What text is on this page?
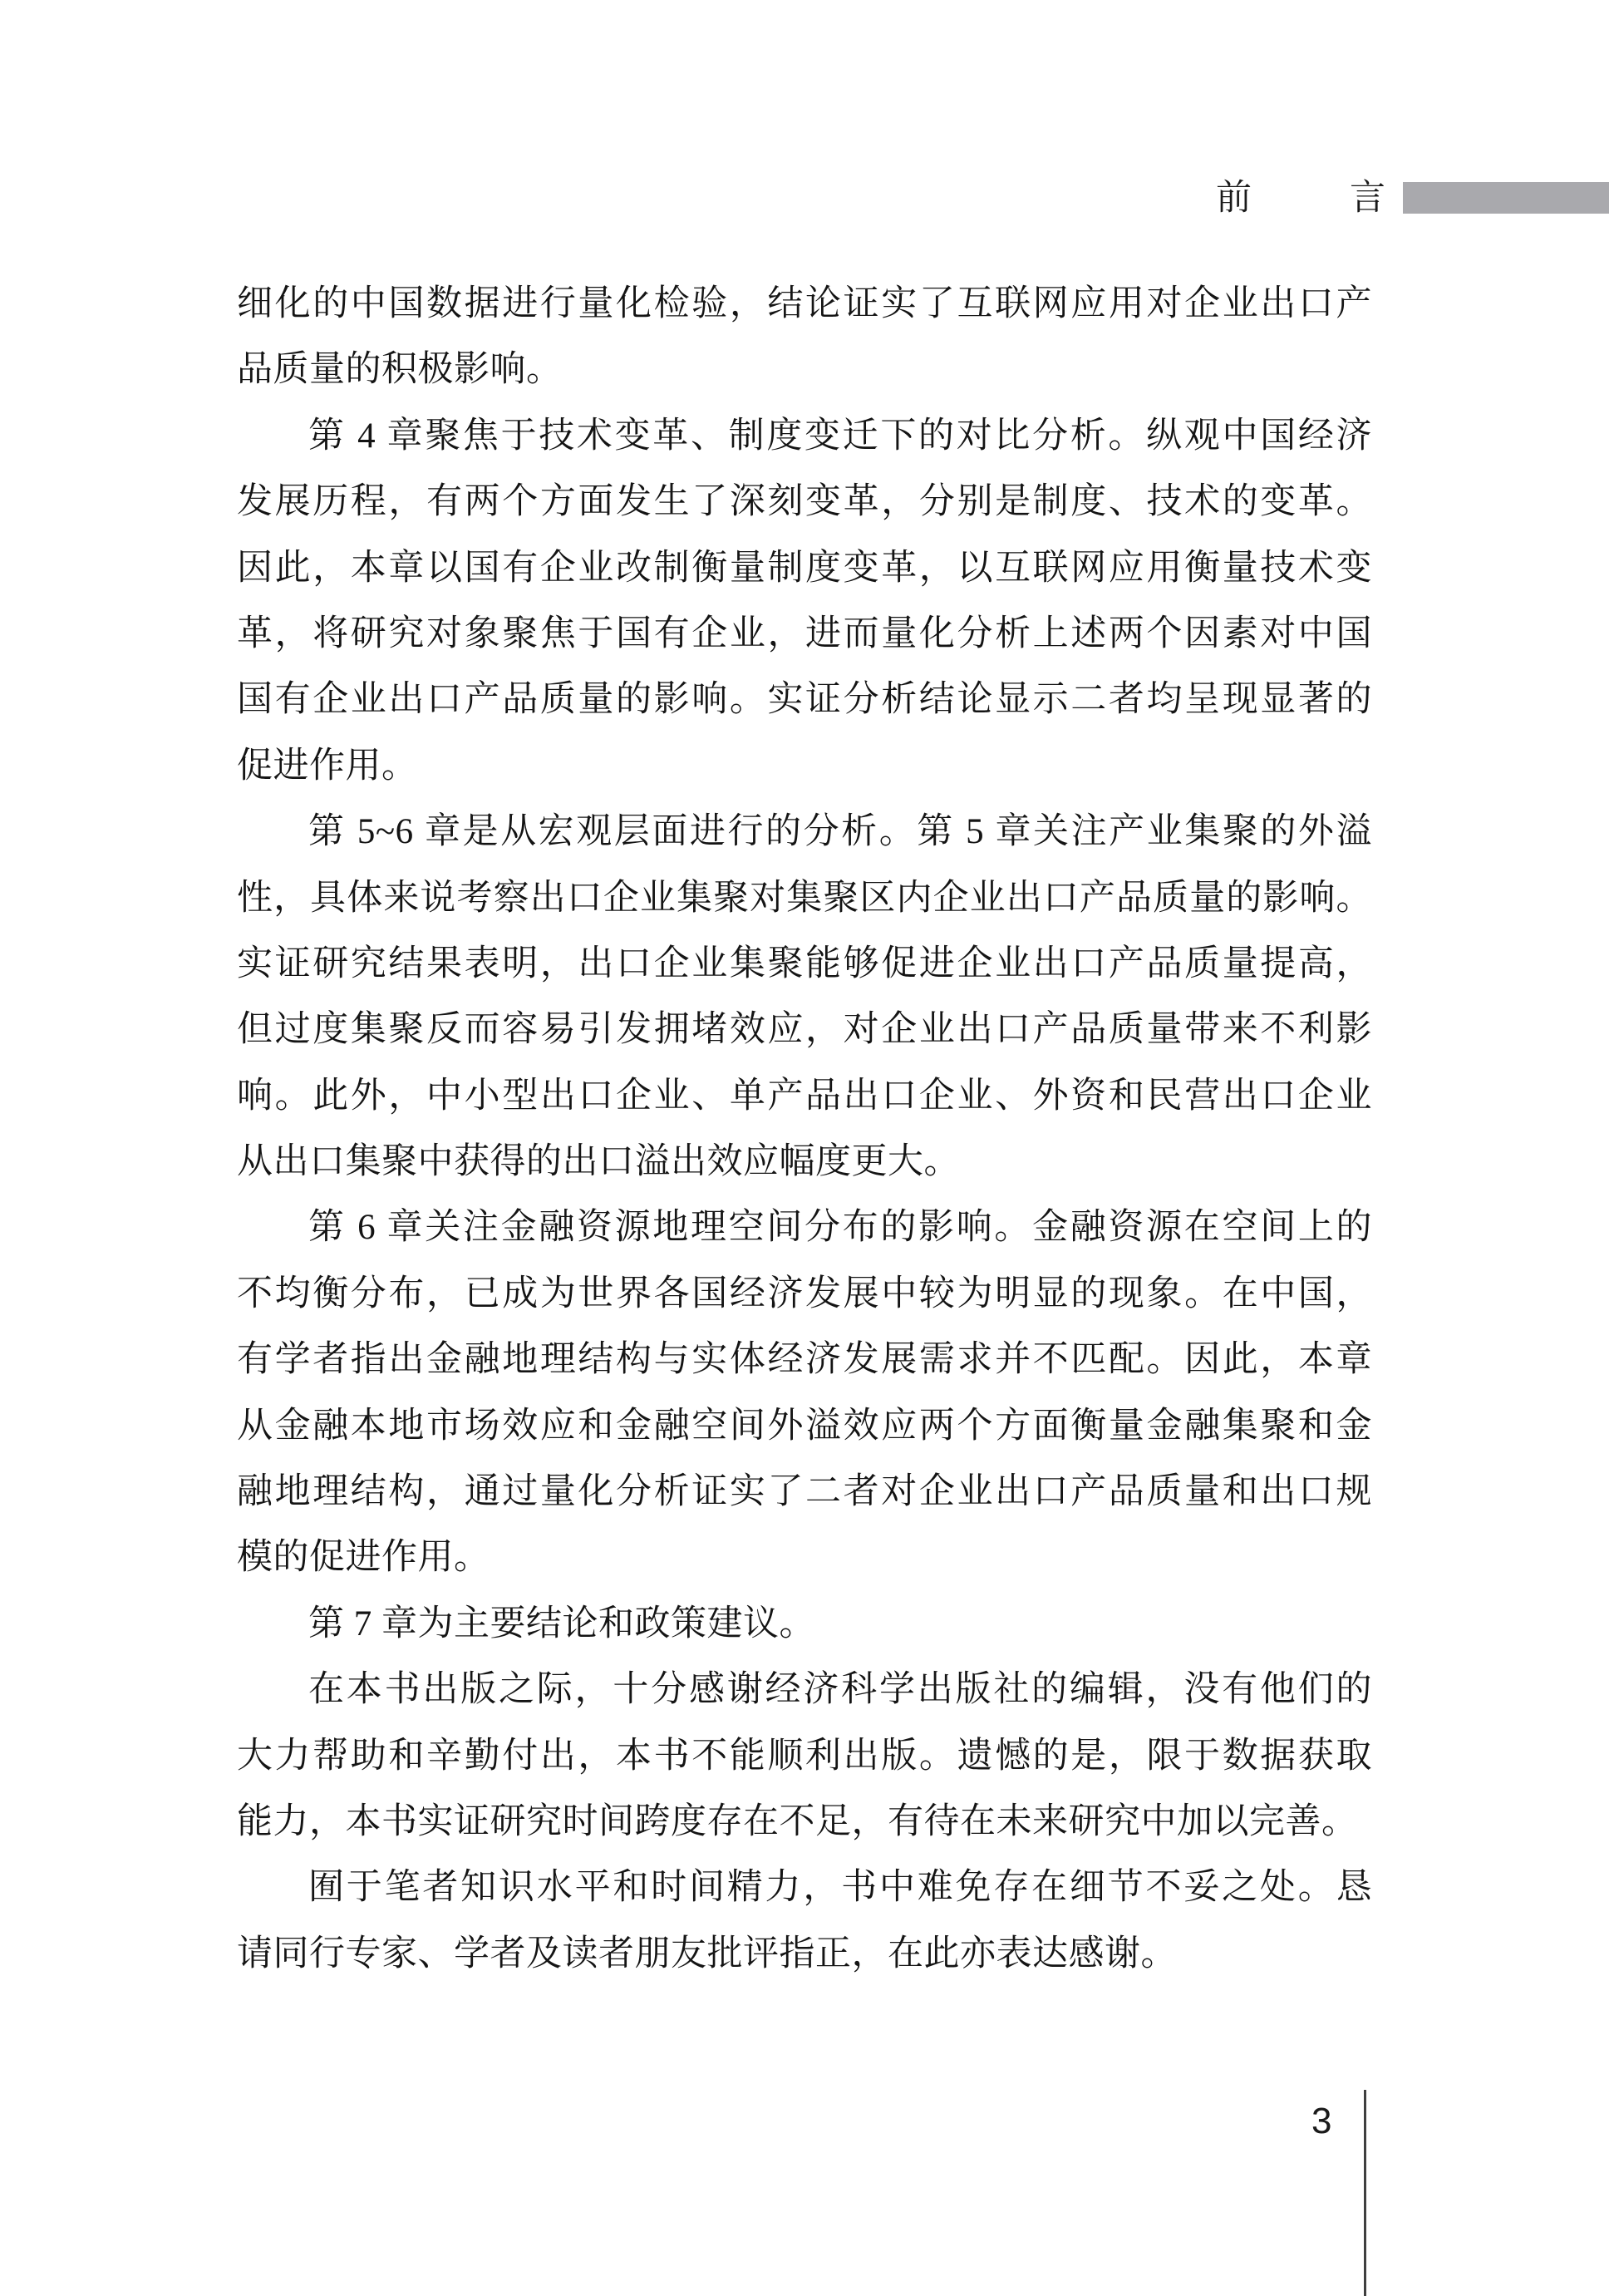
前	言
细化的中国数据进行量化检验，结论证实了互联网应用对企业出口产
品质量的积极影响。
第 4 章聚焦于技术变革、制度变迁下的对比分析。纵观中国经济
发展历程，有两个方面发生了深刻变革，分别是制度、技术的变革。
因此，本章以国有企业改制衡量制度变革，以互联网应用衡量技术变
革，将研究对象聚焦于国有企业，进而量化分析上述两个因素对中国
国有企业出口产品质量的影响。实证分析结论显示二者均呈现显著的
促进作用。
第 5~6 章是从宏观层面进行的分析。第 5 章关注产业集聚的外溢
性，具体来说考察出口企业集聚对集聚区内企业出口产品质量的影响。
实证研究结果表明，出口企业集聚能够促进企业出口产品质量提高，
但过度集聚反而容易引发拥堵效应，对企业出口产品质量带来不利影
响。此外，中小型出口企业、单产品出口企业、外资和民营出口企业
从出口集聚中获得的出口溢出效应幅度更大。
第 6 章关注金融资源地理空间分布的影响。金融资源在空间上的
不均衡分布，已成为世界各国经济发展中较为明显的现象。在中国，
有学者指出金融地理结构与实体经济发展需求并不匹配。因此，本章
从金融本地市场效应和金融空间外溢效应两个方面衡量金融集聚和金
融地理结构，通过量化分析证实了二者对企业出口产品质量和出口规
模的促进作用。
第 7 章为主要结论和政策建议。
在本书出版之际，十分感谢经济科学出版社的编辑，没有他们的
大力帮助和辛勤付出，本书不能顺利出版。遗憾的是，限于数据获取
能力，本书实证研究时间跨度存在不足，有待在未来研究中加以完善。
囿于笔者知识水平和时间精力，书中难免存在细节不妥之处。恳
请同行专家、学者及读者朋友批评指正，在此亦表达感谢。
3
